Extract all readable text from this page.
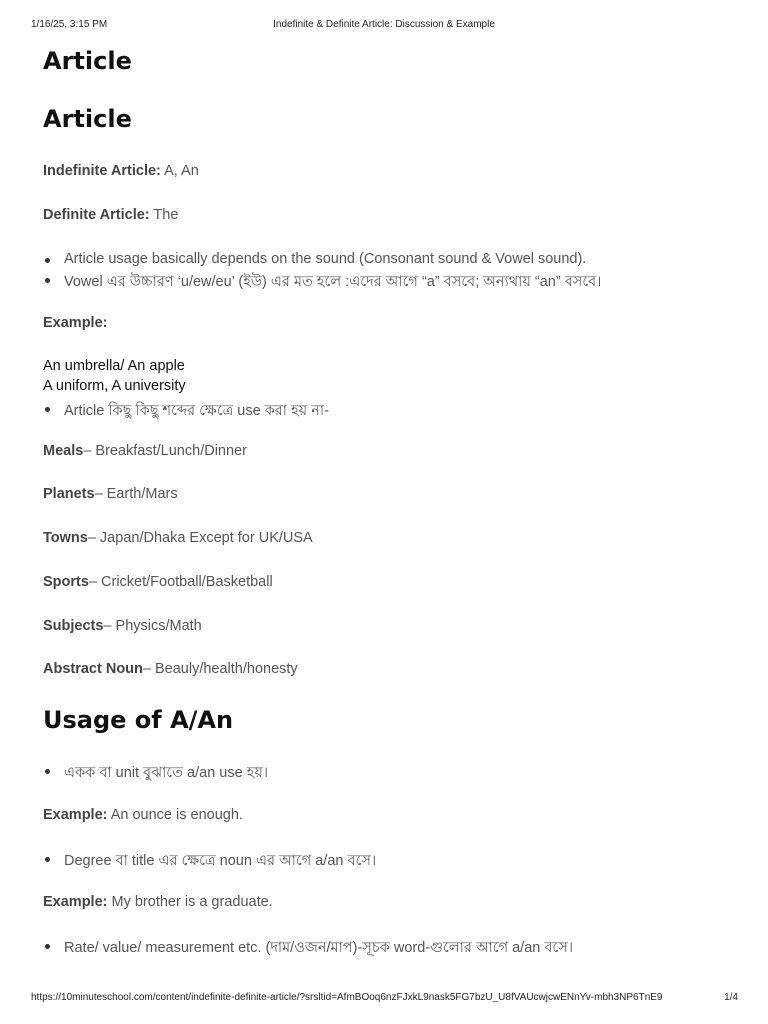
1/16/25, 3:15 PM	Indefinite & Definite Article: Discussion & Example
Article
Article
Indefinite Article: A, An
Definite Article: The
Article usage basically depends on the sound (Consonant sound & Vowel sound).
Vowel এর উচ্চারণ ‘u/ew/eu’ (ইউ) এর মত হলে :এদের আগে “a” বসবে; অন্যথায় “an” বসবে।
Example:
An umbrella/ An apple
A uniform, A university
Article কিছু কিছু শব্দের ক্ষেত্রে use করা হয় না-
Meals– Breakfast/Lunch/Dinner
Planets– Earth/Mars
Towns– Japan/Dhaka Except for UK/USA
Sports– Cricket/Football/Basketball
Subjects– Physics/Math
Abstract Noun– Beauly/health/honesty
Usage of A/An
একক বা unit বুঝাতে a/an use হয়।
Example: An ounce is enough.
Degree বা title এর ক্ষেত্রে noun এর আগে a/an বসে।
Example: My brother is a graduate.
Rate/ value/ measurement etc. (দাম/ওজন/মাপ)-সূচক word-গুলোর আগে a/an বসে।
https://10minuteschool.com/content/indefinite-definite-article/?srsltid=AfmBOoq6nzFJxkL9nask5FG7bzU_U8fVAUcwjcwENnYv-mbh3NP6TnE9	1/4
